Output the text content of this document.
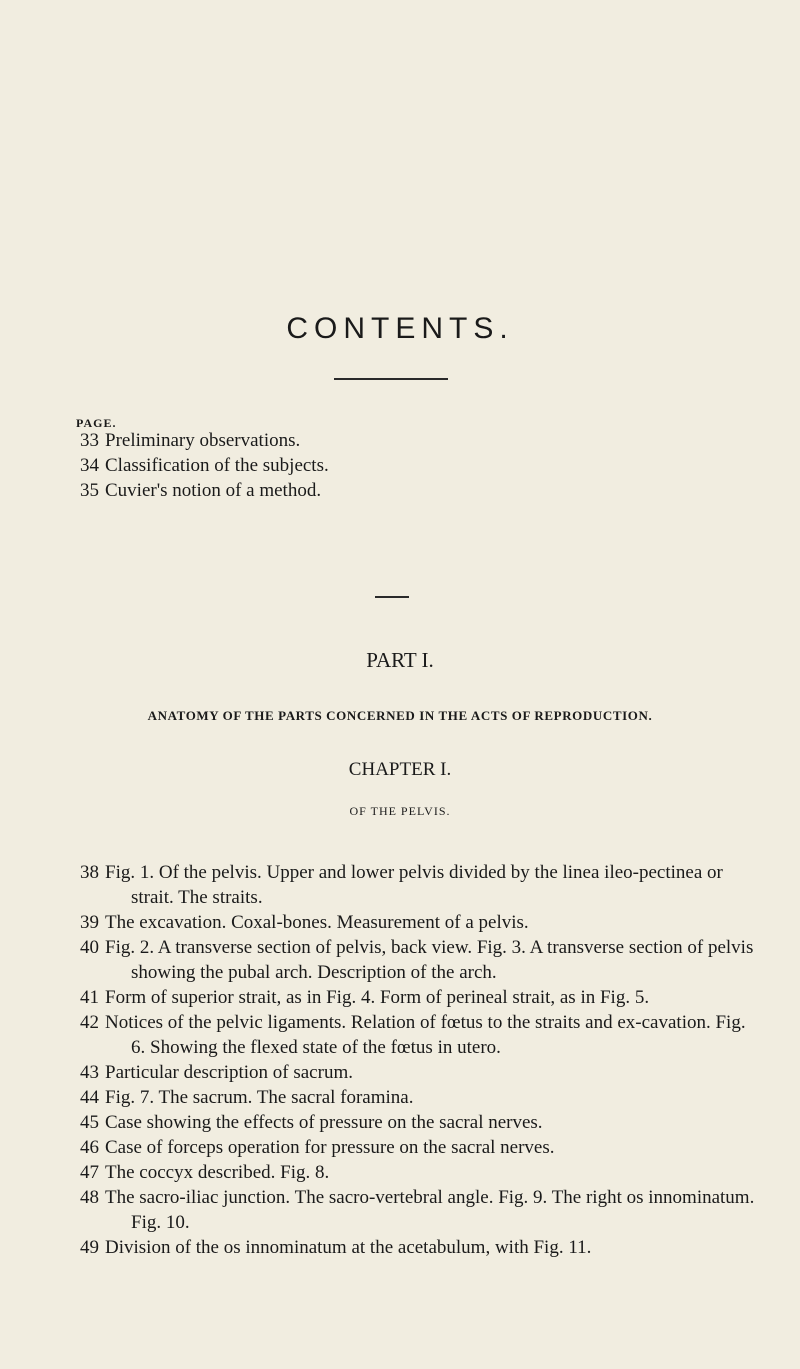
CONTENTS.
PAGE.
33 Preliminary observations.
34 Classification of the subjects.
35 Cuvier's notion of a method.
PART I.
ANATOMY OF THE PARTS CONCERNED IN THE ACTS OF REPRODUCTION.
CHAPTER I.
OF THE PELVIS.
38 Fig. 1. Of the pelvis. Upper and lower pelvis divided by the linea ileo-pectinea or strait. The straits.
39 The excavation. Coxal-bones. Measurement of a pelvis.
40 Fig. 2. A transverse section of pelvis, back view. Fig. 3. A transverse section of pelvis showing the pubal arch. Description of the arch.
41 Form of superior strait, as in Fig. 4. Form of perineal strait, as in Fig. 5.
42 Notices of the pelvic ligaments. Relation of fœtus to the straits and ex-cavation. Fig. 6. Showing the flexed state of the fœtus in utero.
43 Particular description of sacrum.
44 Fig. 7. The sacrum. The sacral foramina.
45 Case showing the effects of pressure on the sacral nerves.
46 Case of forceps operation for pressure on the sacral nerves.
47 The coccyx described. Fig. 8.
48 The sacro-iliac junction. The sacro-vertebral angle. Fig. 9. The right os innominatum. Fig. 10.
49 Division of the os innominatum at the acetabulum, with Fig. 11.
